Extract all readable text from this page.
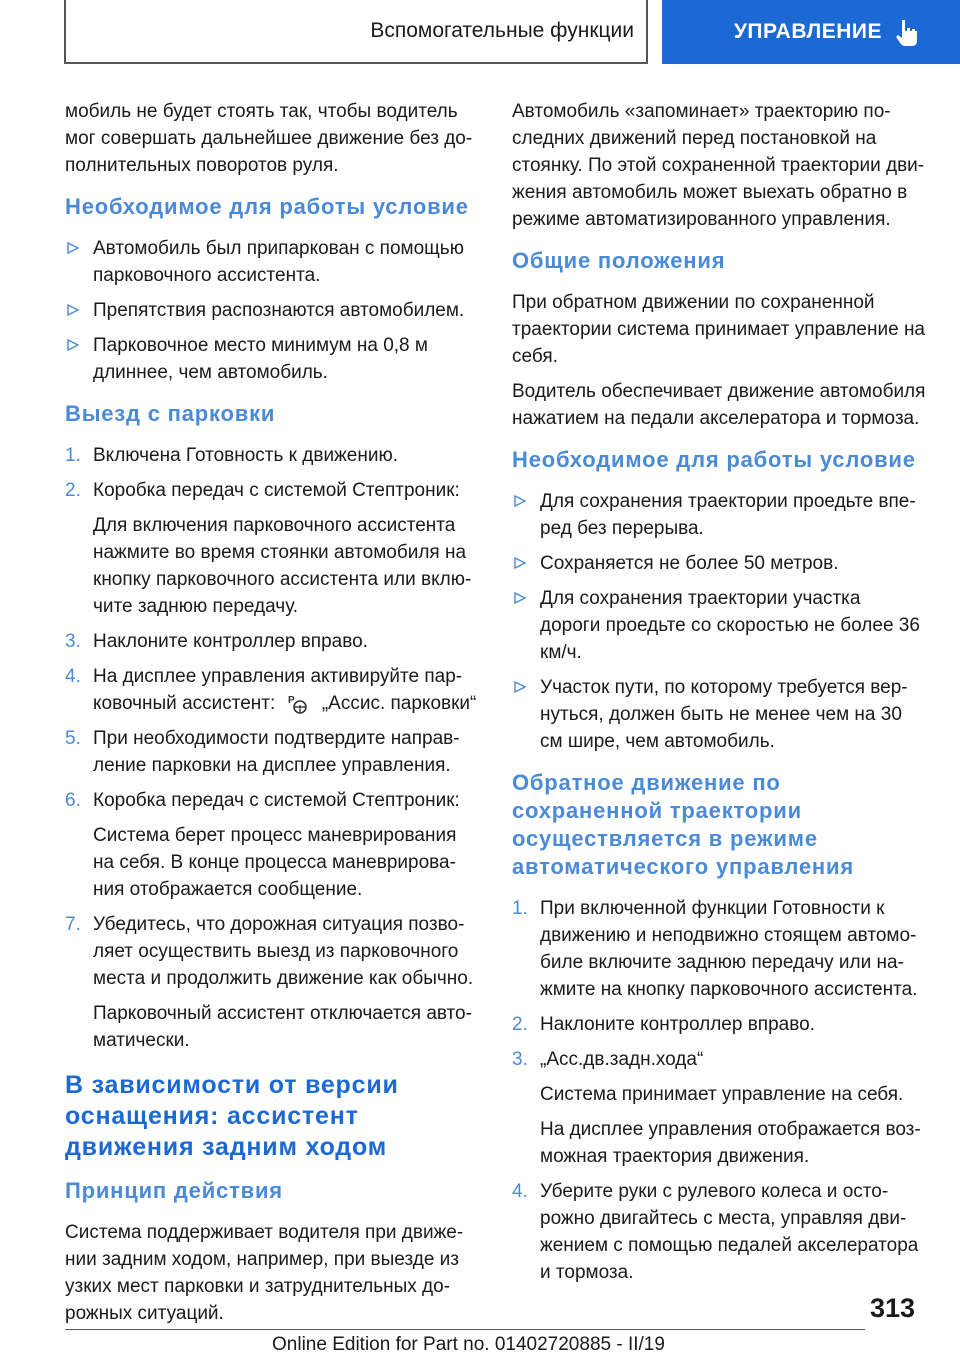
Вспомогательные функции	УПРАВЛЕНИЕ

мобиль не будет стоять так, чтобы водитель мог совершать дальнейшее движение без до-полнительных поворотов руля.

Необходимое для работы условие
Автомобиль был припаркован с помощью парковочного ассистента.
Препятствия распознаются автомобилем.
Парковочное место минимум на 0,8 м длиннее, чем автомобиль.
Выезд с парковки
1. Включена Готовность к движению.
2. Коробка передач с системой Стептроник:
Для включения парковочного ассистента нажмите во время стоянки автомобиля на кнопку парковочного ассистента или вклю-чите заднюю передачу.
3. Наклоните контроллер вправо.
4. На дисплее управления активируйте пар-ковочный ассистент: P „Ассис. парковки“
5. При необходимости подтвердите направ-ление парковки на дисплее управления.
6. Коробка передач с системой Стептроник:
Система берет процесс маневрирования на себя. В конце процесса маневрирова-ния отображается сообщение.
7. Убедитесь, что дорожная ситуация позво-ляет осуществить выезд из парковочного места и продолжить движение как обычно.
Парковочный ассистент отключается авто-матически.
В зависимости от версии оснащения: ассистент движения задним ходом
Принцип действия

Система поддерживает водителя при движе-нии задним ходом, например, при выезде из узких мест парковки и затруднительных до-рожных ситуаций.

Автомобиль «запоминает» траекторию по-следних движений перед постановкой на стоянку. По этой сохраненной траектории дви-жения автомобиль может выехать обратно в режиме автоматизированного управления.

Общие положения

При обратном движении по сохраненной траектории система принимает управление на себя.

Водитель обеспечивает движение автомобиля нажатием на педали акселератора и тормоза.

Необходимое для работы условие
Для сохранения траектории проедьте впе-ред без перерыва.
Сохраняется не более 50 метров.
Для сохранения траектории участка дороги проедьте со скоростью не более 36 км/ч.
Участок пути, по которому требуется вер-нуться, должен быть не менее чем на 30 см шире, чем автомобиль.
Обратное движение по сохраненной траектории осуществляется в режиме автоматического управления
1. При включенной функции Готовности к движению и неподвижно стоящем автомо-биле включите заднюю передачу или на-жмите на кнопку парковочного ассистента.
2. Наклоните контроллер вправо.
3. „Асс.дв.задн.хода“
Система принимает управление на себя.
На дисплее управления отображается воз-можная траектория движения.
4. Уберите руки с рулевого колеса и осто-рожно двигайтесь с места, управляя дви-жением с помощью педалей акселератора и тормоза.
313
Online Edition for Part no. 01402720885 - II/19
